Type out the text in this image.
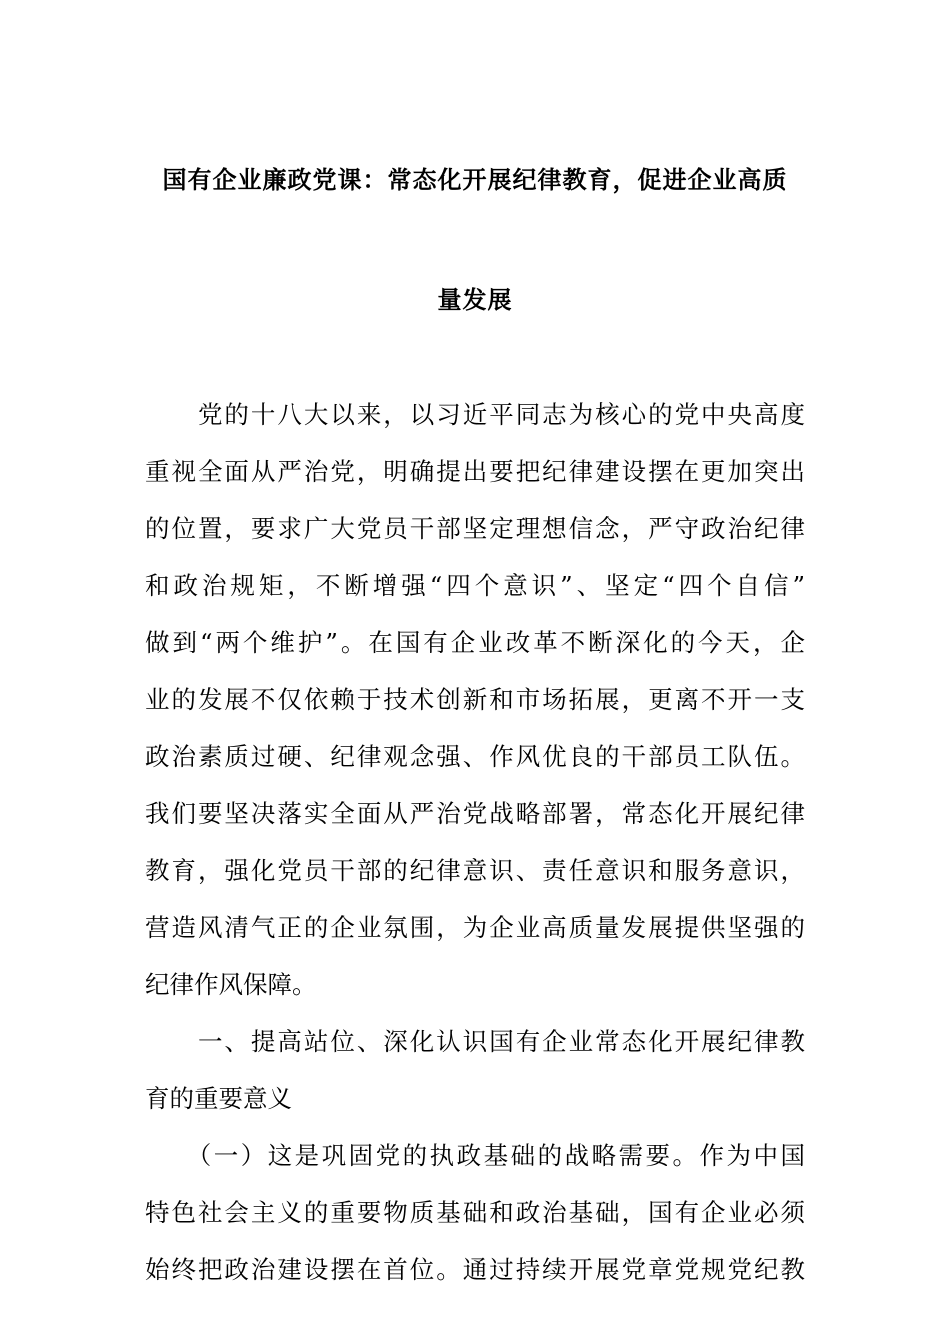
国有企业廉政党课：常态化开展纪律教育，促进企业高质
量发展
　　党的十八大以来，以习近平同志为核心的党中央高度
重视全面从严治党，明确提出要把纪律建设摆在更加突出
的位置，要求广大党员干部坚定理想信念，严守政治纪律
和政治规矩，不断增强“四个意识”、坚定“四个自信”
做到“两个维护”。在国有企业改革不断深化的今天，企
业的发展不仅依赖于技术创新和市场拓展，更离不开一支
政治素质过硬、纪律观念强、作风优良的干部员工队伍。
我们要坚决落实全面从严治党战略部署，常态化开展纪律
教育，强化党员干部的纪律意识、责任意识和服务意识，
营造风清气正的企业氛围，为企业高质量发展提供坚强的
纪律作风保障。
　　一、提高站位、深化认识国有企业常态化开展纪律教
育的重要意义
　　（一）这是巩固党的执政基础的战略需要。作为中国
特色社会主义的重要物质基础和政治基础，国有企业必须
始终把政治建设摆在首位。通过持续开展党章党规党纪教
